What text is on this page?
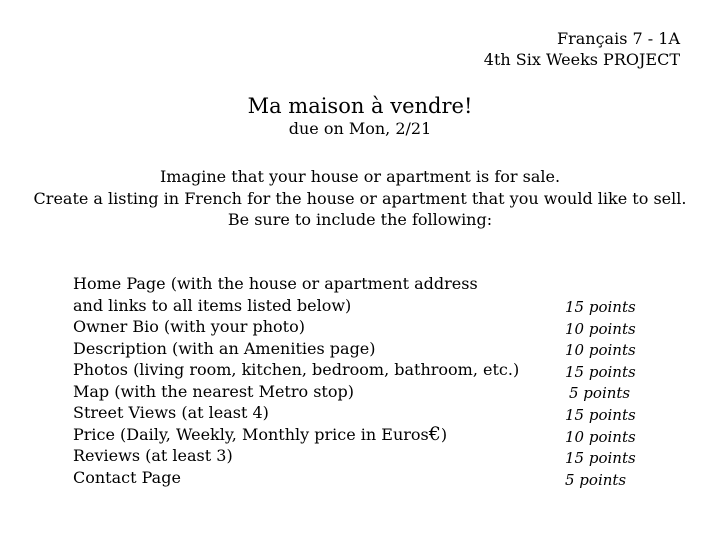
Français 7 - 1A
4th Six Weeks PROJECT
Ma maison à vendre!
due on Mon, 2/21
Imagine that your house or apartment is for sale.
Create a listing in French for the house or apartment that you would like to sell.
Be sure to include the following:
Home Page (with the house or apartment address
and links to all items listed below)
Owner Bio (with your photo)
Description (with an Amenities page)
Photos (living room, kitchen, bedroom, bathroom, etc.)
Map (with the nearest Metro stop)
Street Views (at least 4)
Price (Daily, Weekly, Monthly price in Euros€)
Reviews (at least 3)
Contact Page
15 points
10 points
10 points
15 points
5 points
15 points
10 points
15 points
5 points
